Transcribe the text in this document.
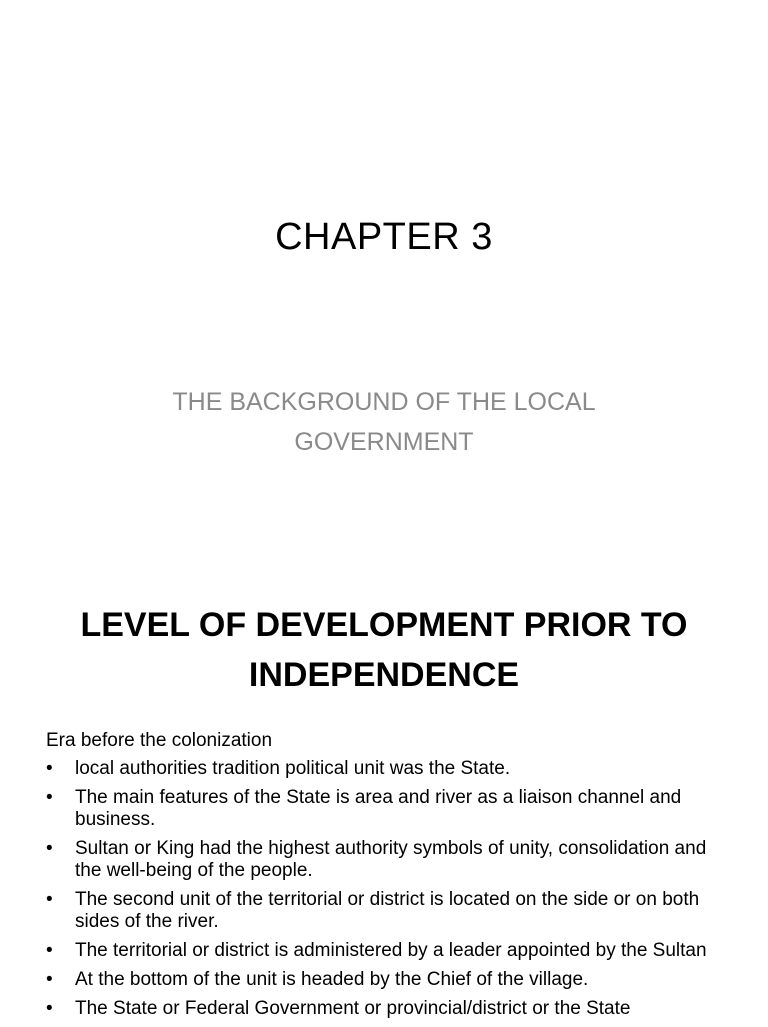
CHAPTER 3

THE BACKGROUND OF THE LOCAL GOVERNMENT

LEVEL OF DEVELOPMENT PRIOR TO INDEPENDENCE

Era before the colonization

• local authorities tradition political unit was the State.
• The main features of the State is area and river as a liaison channel and business.
• Sultan or King had the highest authority symbols of unity, consolidation and the well-being of the people.
• The second unit of the territorial or district is located on the side or on both sides of the river.
• The territorial or district is administered by a leader appointed by the Sultan
• At the bottom of the unit is headed by the Chief of the village.
• The State or Federal Government or provincial/district or the State
